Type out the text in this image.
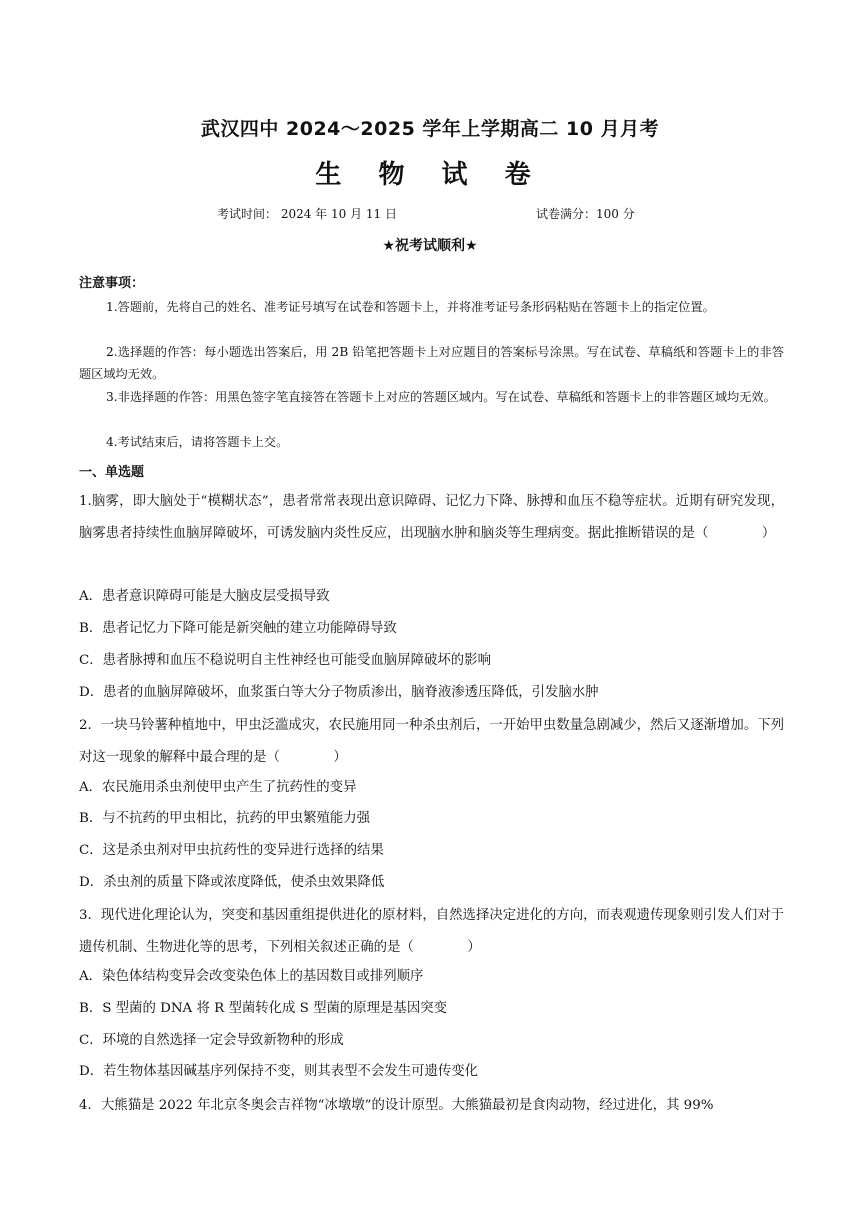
武汉四中 2024～2025 学年上学期高二 10 月月考
生 物 试 卷
考试时间： 2024 年 10 月 11 日	试卷满分：100 分
★祝考试顺利★
注意事项：
1.答题前，先将自己的姓名、准考证号填写在试卷和答题卡上，并将准考证号条形码粘贴在答题卡上的指定位置。
2.选择题的作答：每小题选出答案后，用 2B 铅笔把答题卡上对应题目的答案标号涂黑。写在试卷、草稿纸和答题卡上的非答题区域均无效。
3.非选择题的作答：用黑色签字笔直接答在答题卡上对应的答题区域内。写在试卷、草稿纸和答题卡上的非答题区域均无效。
4.考试结束后，请将答题卡上交。
一、单选题
1.脑雾，即大脑处于“模糊状态”，患者常常表现出意识障碍、记忆力下降、脉搏和血压不稳等症状。近期有研究发现，脑雾患者持续性血脑屏障破坏，可诱发脑内炎性反应，出现脑水肿和脑炎等生理病变。据此推断错误的是（　　　　）
A．患者意识障碍可能是大脑皮层受损导致
B．患者记忆力下降可能是新突触的建立功能障碍导致
C．患者脉搏和血压不稳说明自主性神经也可能受血脑屏障破坏的影响
D．患者的血脑屏障破坏，血浆蛋白等大分子物质渗出，脑脊液渗透压降低，引发脑水肿
2．一块马铃薯种植地中，甲虫泛滥成灾，农民施用同一种杀虫剂后，一开始甲虫数量急剧减少，然后又逐渐增加。下列对这一现象的解释中最合理的是（　　　　）
A．农民施用杀虫剂使甲虫产生了抗药性的变异
B．与不抗药的甲虫相比，抗药的甲虫繁殖能力强
C．这是杀虫剂对甲虫抗药性的变异进行选择的结果
D．杀虫剂的质量下降或浓度降低，使杀虫效果降低
3．现代进化理论认为，突变和基因重组提供进化的原材料，自然选择决定进化的方向，而表观遗传现象则引发人们对于遗传机制、生物进化等的思考，下列相关叙述正确的是（　　　　）
A．染色体结构变异会改变染色体上的基因数目或排列顺序
B．S 型菌的 DNA 将 R 型菌转化成 S 型菌的原理是基因突变
C．环境的自然选择一定会导致新物种的形成
D．若生物体基因碱基序列保持不变，则其表型不会发生可遗传变化
4．大熊猫是 2022 年北京冬奥会吉祥物“冰墩墩”的设计原型。大熊猫最初是食肉动物，经过进化，其 99%
